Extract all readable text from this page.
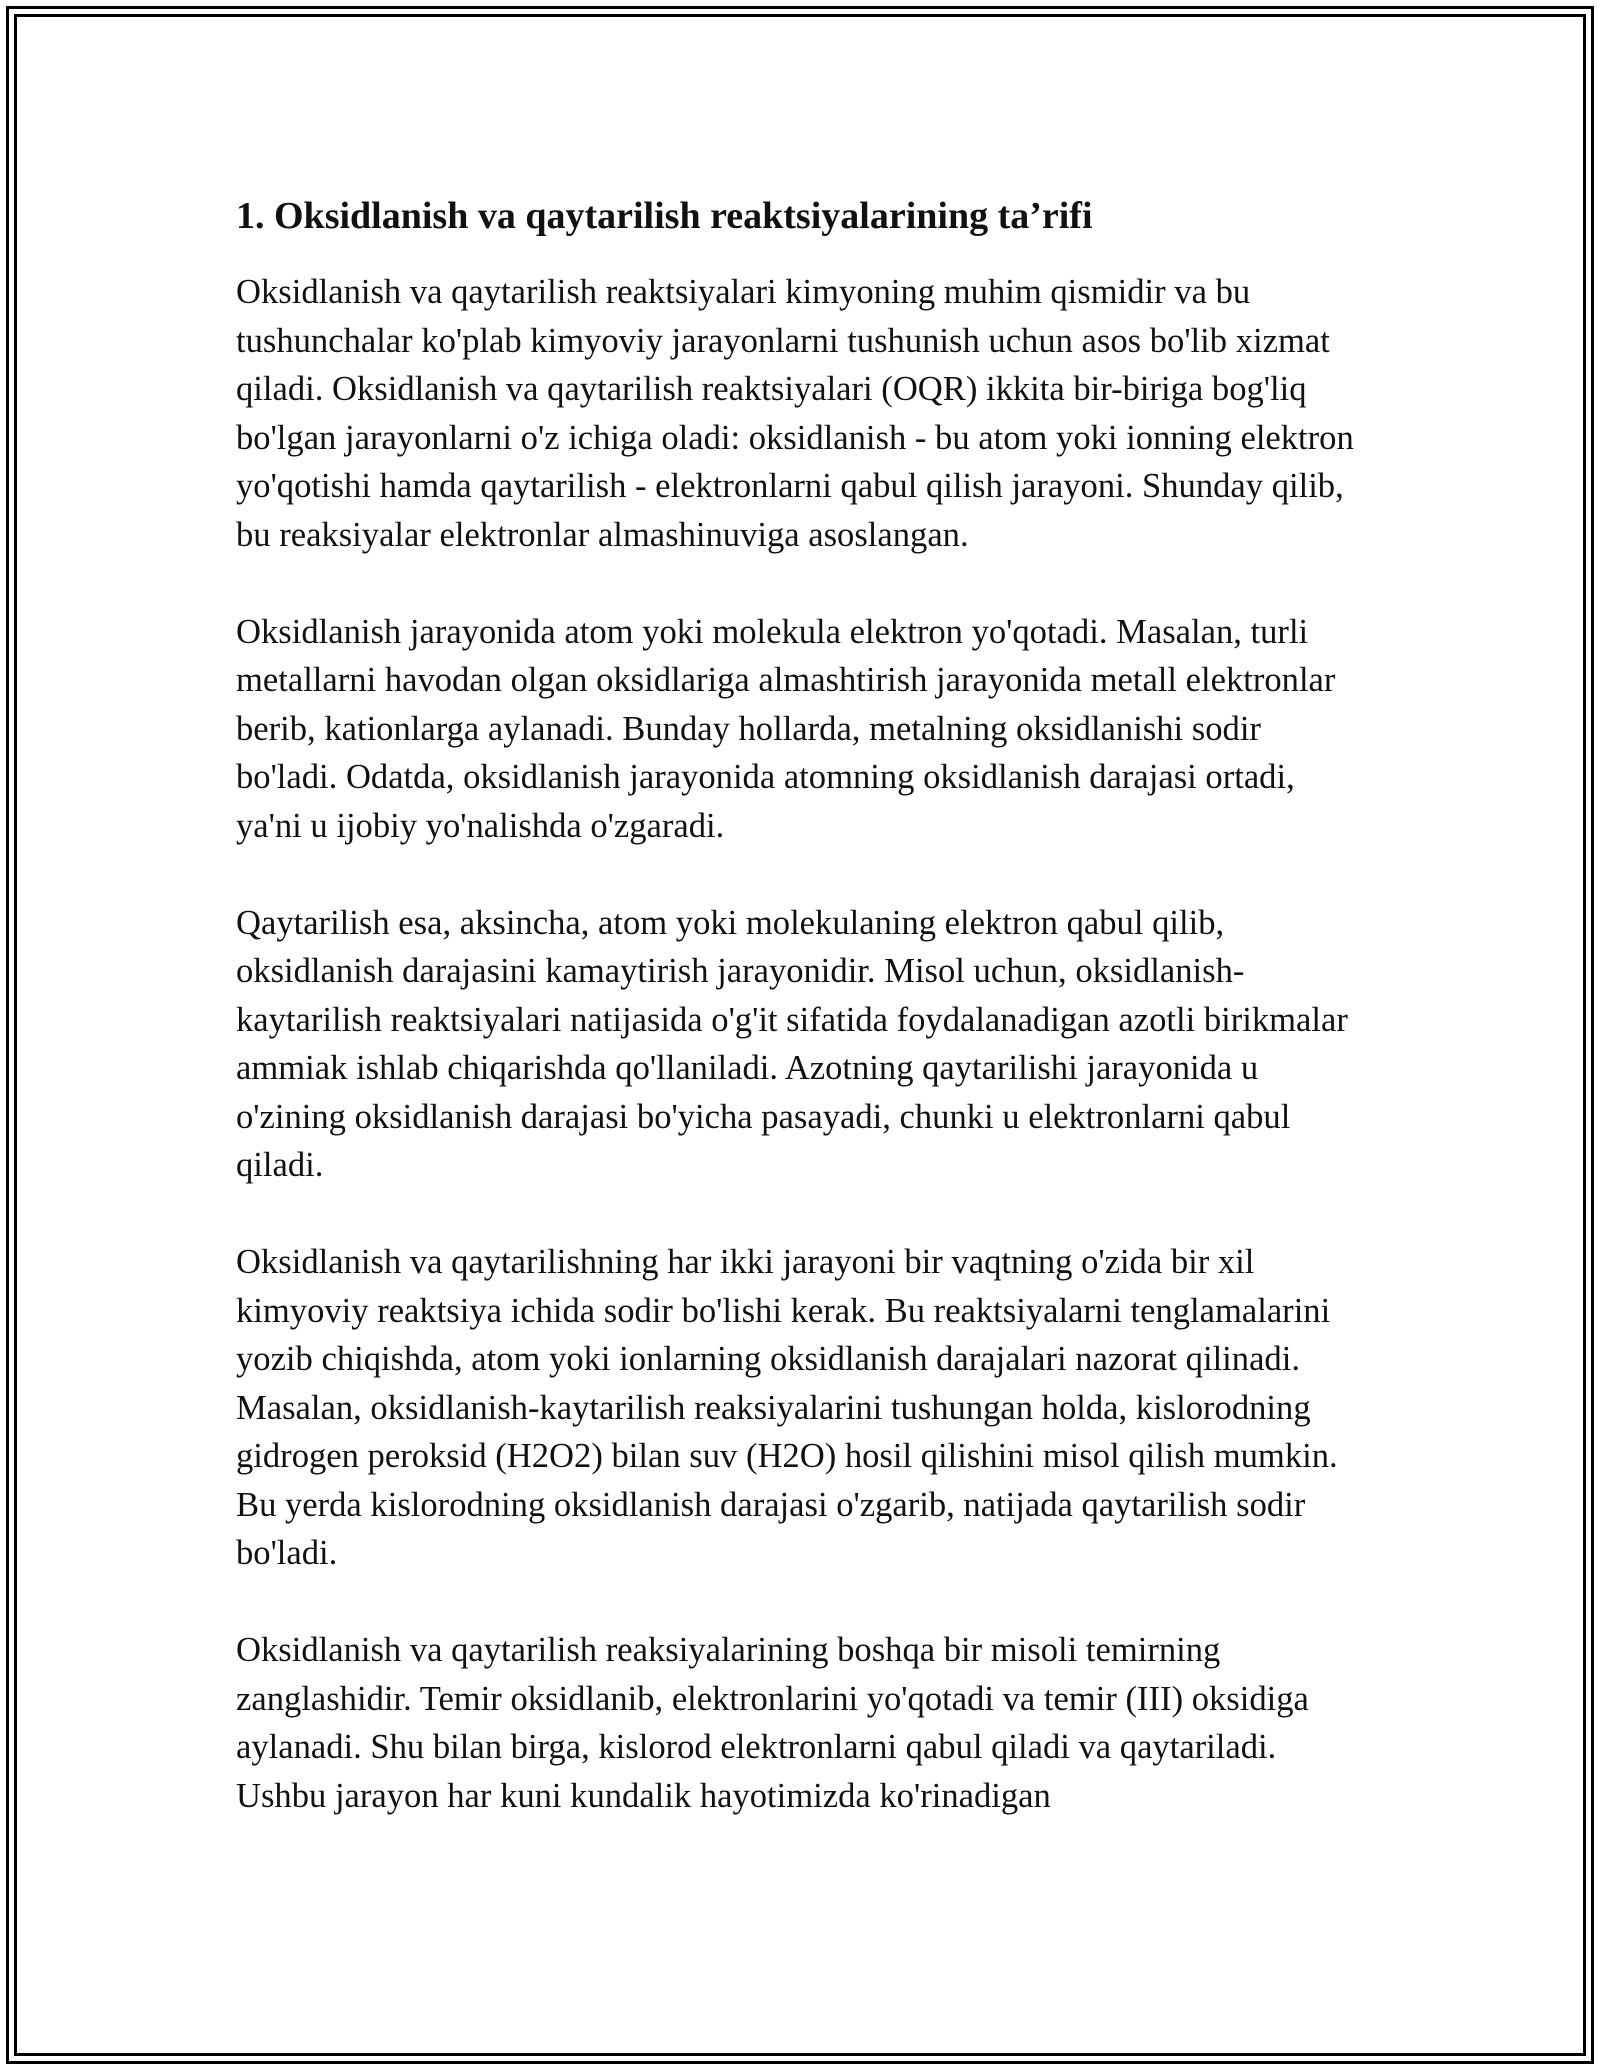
1. Oksidlanish va qaytarilish reaktsiyalarining ta’rifi

Oksidlanish va qaytarilish reaktsiyalari kimyoning muhim qismidir va bu tushunchalar ko'plab kimyoviy jarayonlarni tushunish uchun asos bo'lib xizmat qiladi. Oksidlanish va qaytarilish reaktsiyalari (OQR) ikkita bir-biriga bog'liq bo'lgan jarayonlarni o'z ichiga oladi: oksidlanish - bu atom yoki ionning elektron yo'qotishi hamda qaytarilish - elektronlarni qabul qilish jarayoni. Shunday qilib, bu reaksiyalar elektronlar almashinuviga asoslangan.

Oksidlanish jarayonida atom yoki molekula elektron yo'qotadi. Masalan, turli metallarni havodan olgan oksidlariga almashtirish jarayonida metall elektronlar berib, kationlarga aylanadi. Bunday hollarda, metalning oksidlanishi sodir bo'ladi. Odatda, oksidlanish jarayonida atomning oksidlanish darajasi ortadi, ya'ni u ijobiy yo'nalishda o'zgaradi.

Qaytarilish esa, aksincha, atom yoki molekulaning elektron qabul qilib, oksidlanish darajasini kamaytirish jarayonidir. Misol uchun, oksidlanish-kaytarilish reaktsiyalari natijasida o'g'it sifatida foydalanadigan azotli birikmalar ammiak ishlab chiqarishda qo'llaniladi. Azotning qaytarilishi jarayonida u o'zining oksidlanish darajasi bo'yicha pasayadi, chunki u elektronlarni qabul qiladi.

Oksidlanish va qaytarilishning har ikki jarayoni bir vaqtning o'zida bir xil kimyoviy reaktsiya ichida sodir bo'lishi kerak. Bu reaktsiyalarni tenglamalarini yozib chiqishda, atom yoki ionlarning oksidlanish darajalari nazorat qilinadi. Masalan, oksidlanish-kaytarilish reaksiyalarini tushungan holda, kislorodning gidrogen peroksid (H2O2) bilan suv (H2O) hosil qilishini misol qilish mumkin. Bu yerda kislorodning oksidlanish darajasi o'zgarib, natijada qaytarilish sodir bo'ladi.

Oksidlanish va qaytarilish reaksiyalarining boshqa bir misoli temirning zanglashidir. Temir oksidlanib, elektronlarini yo'qotadi va temir (III) oksidiga aylanadi. Shu bilan birga, kislorod elektronlarni qabul qiladi va qaytariladi. Ushbu jarayon har kuni kundalik hayotimizda ko'rinadigan
